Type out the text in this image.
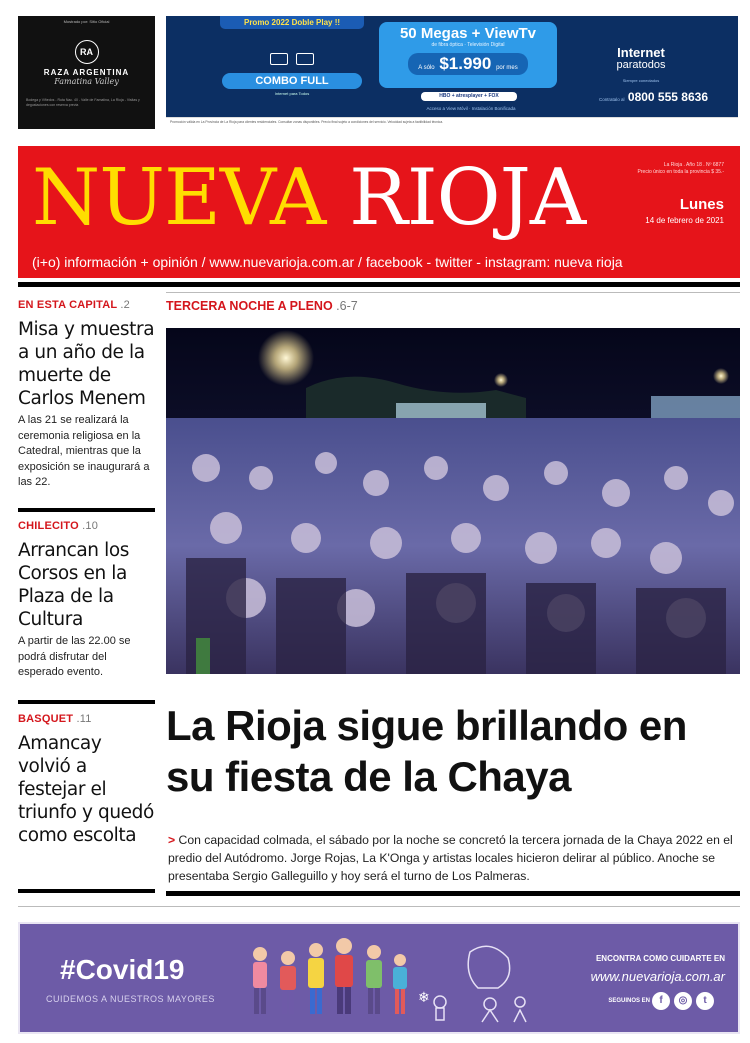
Mostrado por: Sitio Oficial
RA
RAZA ARGENTINA
Famatina Valley
Bodega y Viñedos - Ruta Nac. 40 - Valle de Famatina, La Rioja - Visitas y degustaciones con reserva previa
Promo 2022 Doble Play !!
COMBO FULL
Internet para Todos
50 Megas + ViewTv
de fibra óptica · Televisión Digital
A sólo $1.990 por mes
HBO + atresplayer + FOX
Acceso a View Móvil · Instalación Bonificada
Internet
paratodos
Siempre conectados
Contratalo al 0800 555 8636
Promoción válida en La Provincia de La Rioja para clientes residenciales. Consultar zonas disponibles. Precio final sujeto a condiciones del servicio. Velocidad sujeta a factibilidad técnica.
NUEVA RIOJA	La Rioja . Año 18 . Nº 6877
Precio único en toda la provincia $ 35.-
Lunes
14 de febrero de 2021
(i+o) información + opinión / www.nuevarioja.com.ar / facebook - twitter - instagram: nueva rioja
EN ESTA CAPITAL .2
Misa y muestra a un año de la muerte de Carlos Menem

A las 21 se realizará la ceremonia religiosa en la Catedral, mientras que la exposición se inaugurará a las 22.

CHILECITO .10
Arrancan los Corsos en la Plaza de la Cultura

A partir de las 22.00 se podrá disfrutar del esperado evento.

BASQUET .11
Amancay volvió a festejar el triunfo y quedó como escolta
TERCERA NOCHE A PLENO .6-7
La Rioja sigue brillando en su fiesta de la Chaya
> Con capacidad colmada, el sábado por la noche se concretó la tercera jornada de la Chaya 2022 en el predio del Autódromo. Jorge Rojas, La K'Onga y artistas locales hicieron delirar al público. Anoche se presentaba Sergio Galleguillo y hoy será el turno de Los Palmeras.
#Covid19
CUIDEMOS A NUESTROS MAYORES	❄
ENCONTRA COMO CUIDARTE EN
www.nuevarioja.com.ar
SEGUINOS EN f	◎	t
